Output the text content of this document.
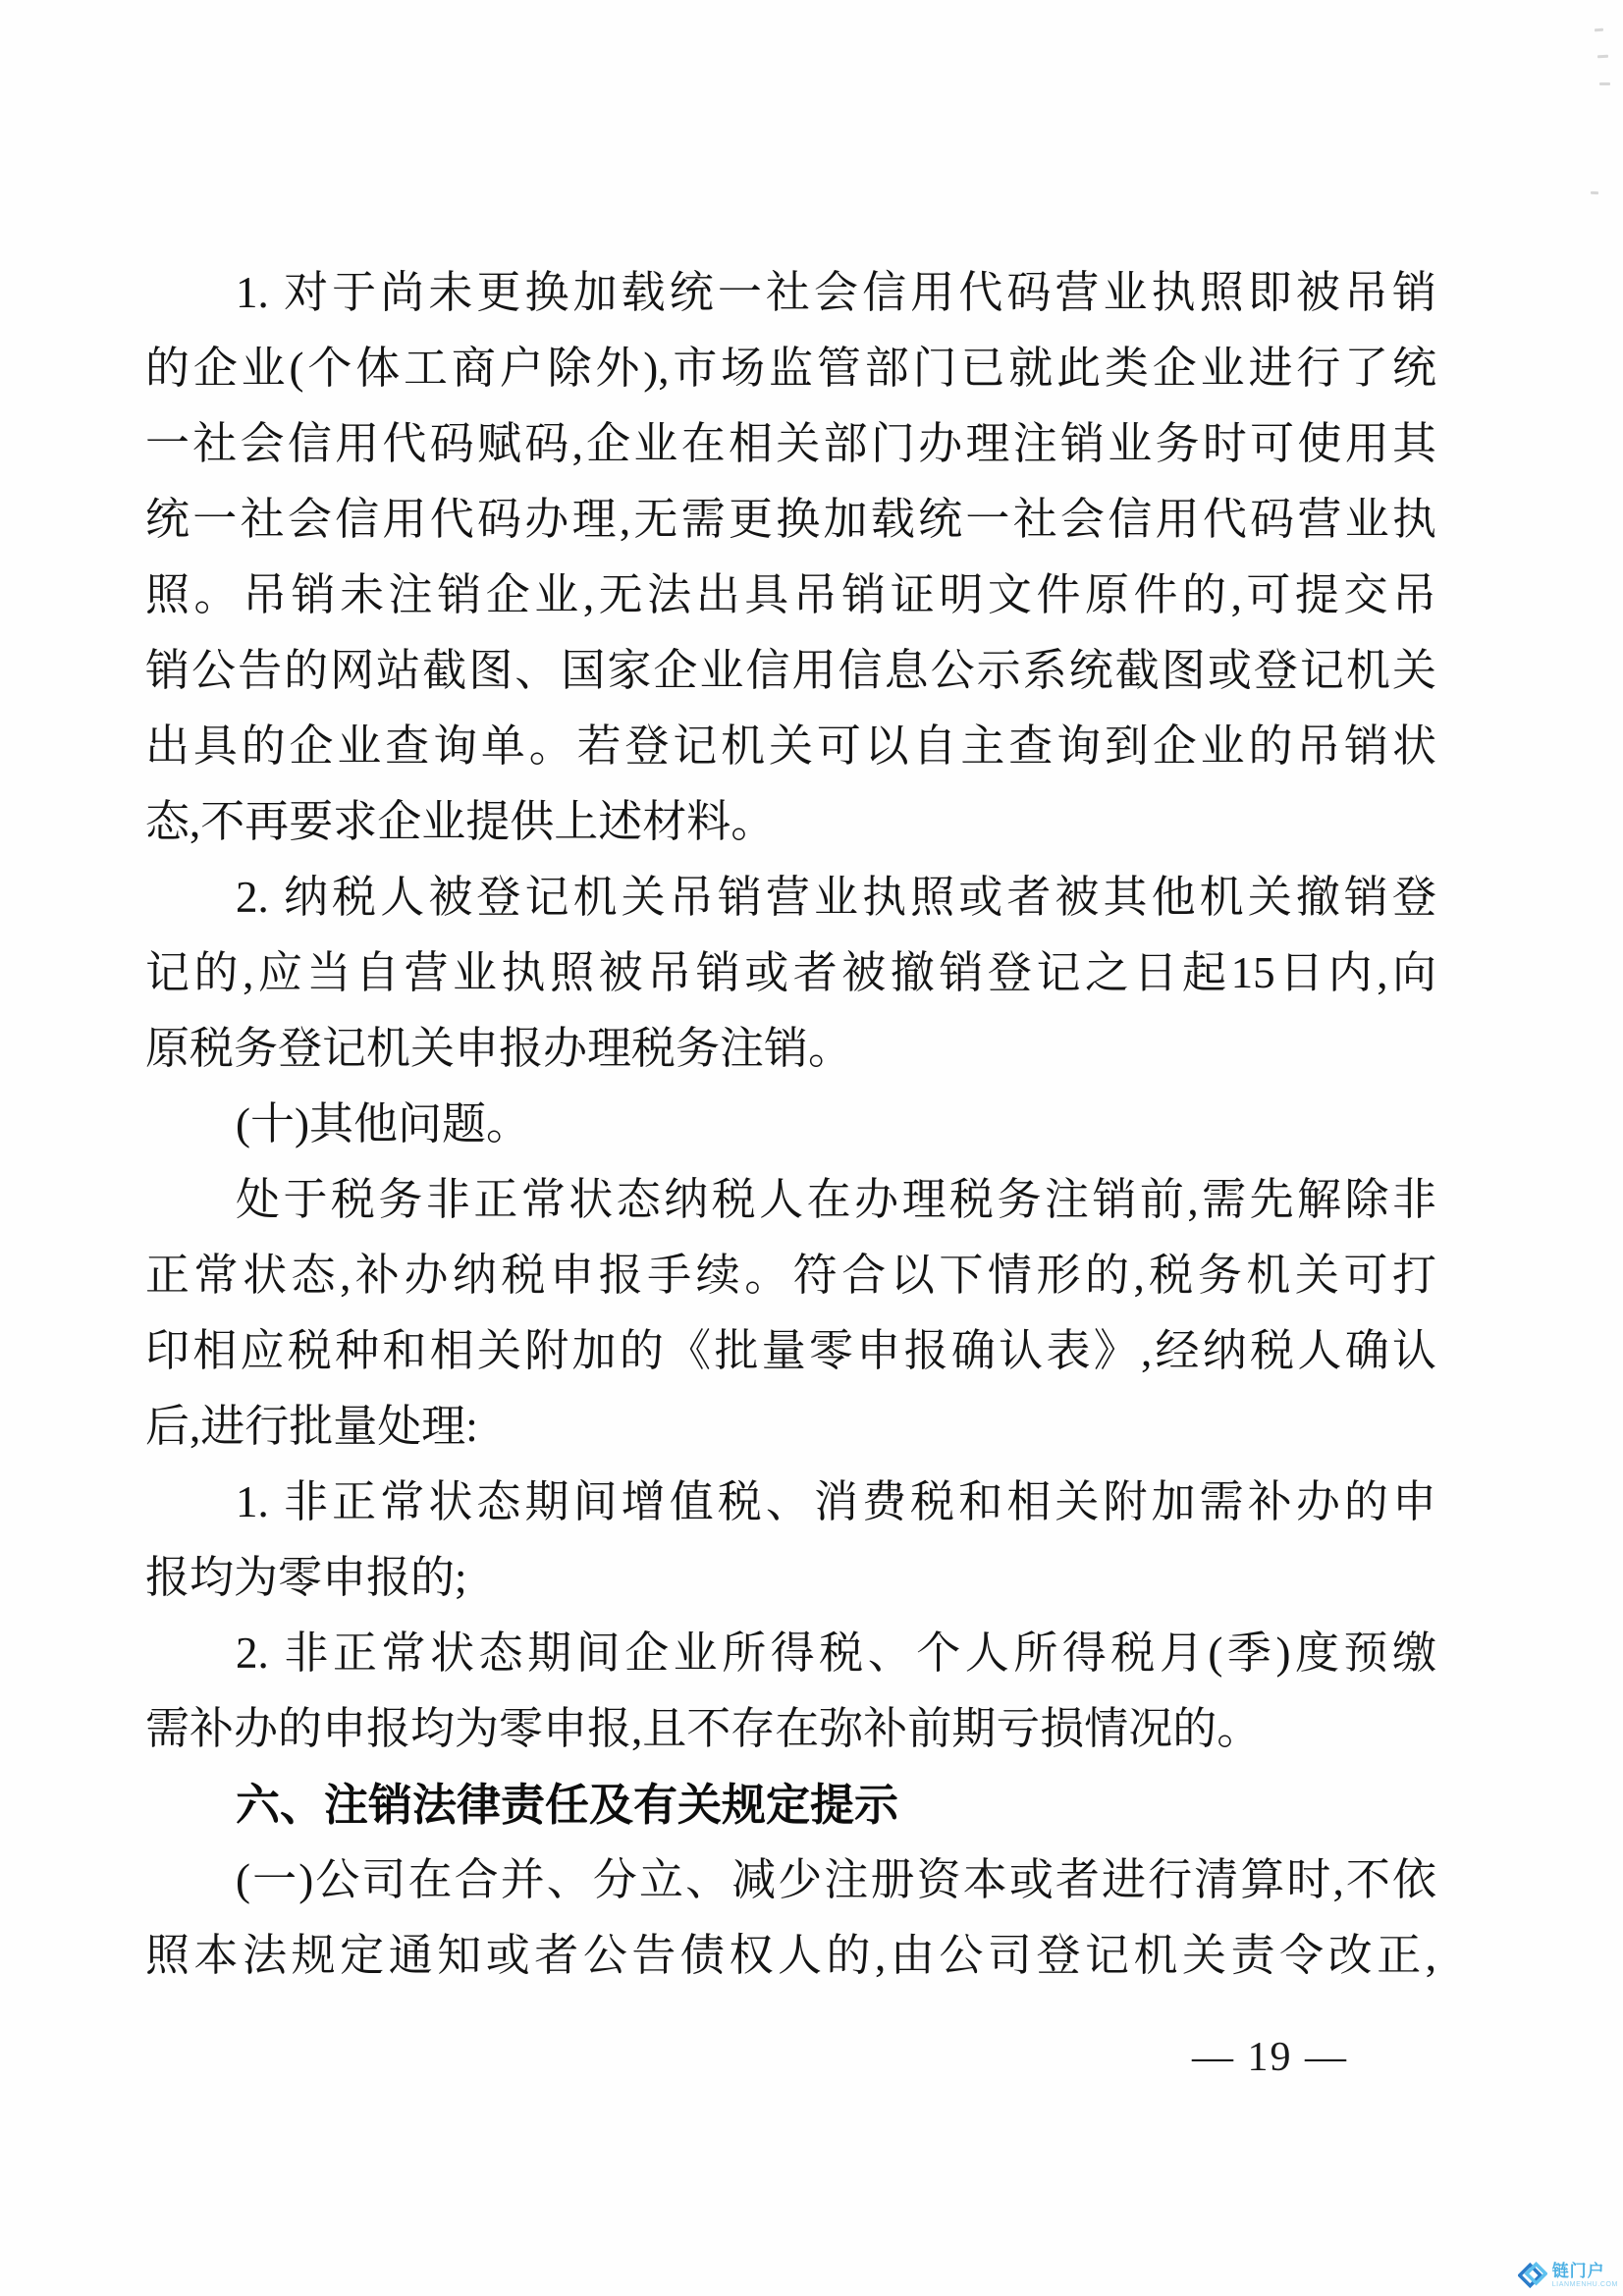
1. 对于尚未更换加载统一社会信用代码营业执照即被吊销
的企业(个体工商户除外),市场监管部门已就此类企业进行了统
一社会信用代码赋码,企业在相关部门办理注销业务时可使用其
统一社会信用代码办理,无需更换加载统一社会信用代码营业执
照。吊销未注销企业,无法出具吊销证明文件原件的,可提交吊
销公告的网站截图、国家企业信用信息公示系统截图或登记机关
出具的企业查询单。若登记机关可以自主查询到企业的吊销状
态,不再要求企业提供上述材料。
2. 纳税人被登记机关吊销营业执照或者被其他机关撤销登
记的,应当自营业执照被吊销或者被撤销登记之日起15日内,向
原税务登记机关申报办理税务注销。
(十)其他问题。
处于税务非正常状态纳税人在办理税务注销前,需先解除非
正常状态,补办纳税申报手续。符合以下情形的,税务机关可打
印相应税种和相关附加的《批量零申报确认表》,经纳税人确认
后,进行批量处理:
1. 非正常状态期间增值税、消费税和相关附加需补办的申
报均为零申报的;
2. 非正常状态期间企业所得税、个人所得税月(季)度预缴
需补办的申报均为零申报,且不存在弥补前期亏损情况的。
六、注销法律责任及有关规定提示
(一)公司在合并、分立、减少注册资本或者进行清算时,不依
照本法规定通知或者公告债权人的,由公司登记机关责令改正,
— 19 —
链门户
LIANMENHU.COM
